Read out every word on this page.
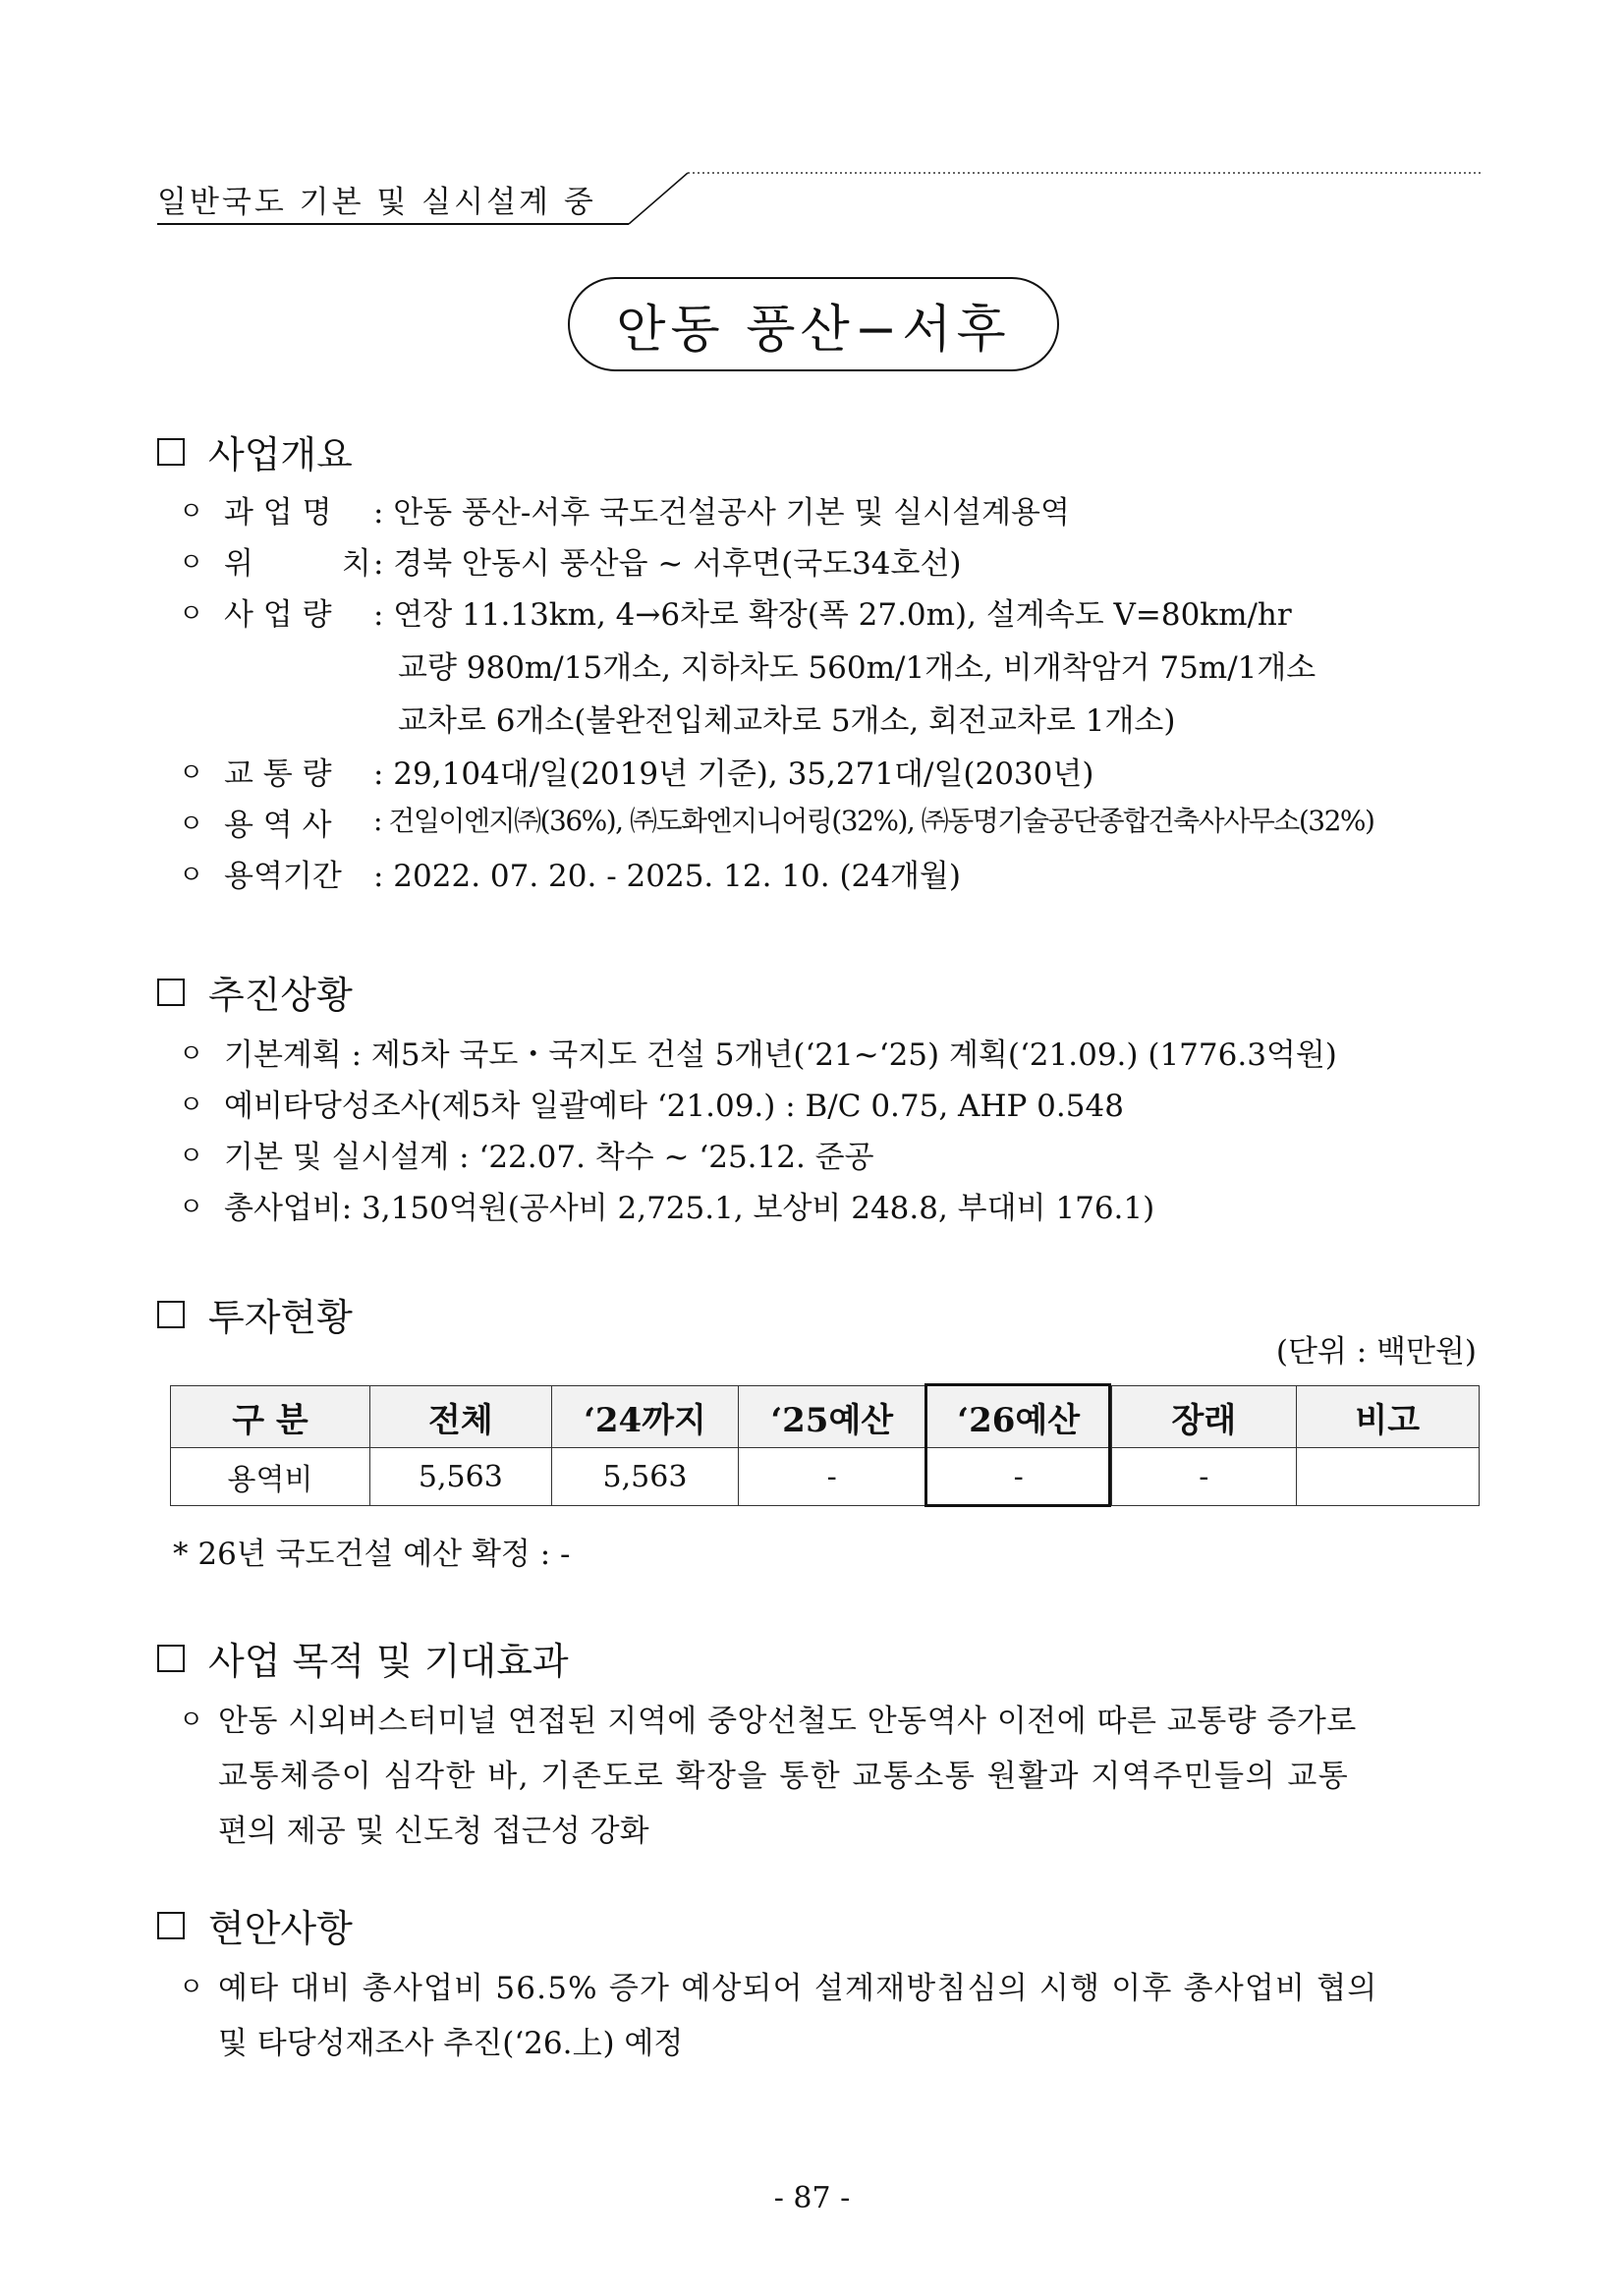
일반국도 기본 및 실시설계 중
안동 풍산−서후
사업개요
ㅇ 과 업 명 : 안동 풍산-서후 국도건설공사 기본 및 실시설계용역
ㅇ 위 치
: 경북 안동시 풍산읍 ~ 서후면(국도34호선)
ㅇ 사 업 량 : 연장 11.13km, 4→6차로 확장(폭 27.0m), 설계속도 V=80km/hr
교량 980m/15개소, 지하차도 560m/1개소, 비개착암거 75m/1개소
교차로 6개소(불완전입체교차로 5개소, 회전교차로 1개소)
ㅇ 교 통 량 : 29,104대/일(2019년 기준), 35,271대/일(2030년)
ㅇ 용 역 사 : 건일이엔지㈜(36%), ㈜도화엔지니어링(32%), ㈜동명기술공단종합건축사사무소(32%)
ㅇ 용역기간 : 2022. 07. 20. - 2025. 12. 10. (24개월)
추진상황
ㅇ 기본계획 : 제5차 국도・국지도 건설 5개년(‘21~‘25) 계획(‘21.09.) (1776.3억원)
ㅇ 예비타당성조사(제5차 일괄예타 ‘21.09.) : B/C 0.75, AHP 0.548
ㅇ 기본 및 실시설계 : ‘22.07. 착수 ~ ‘25.12. 준공
ㅇ 총사업비: 3,150억원(공사비 2,725.1, 보상비 248.8, 부대비 176.1)
투자현황
(단위 : 백만원)
구 분	전체	‘24까지	‘25예산	‘26예산	장래	비고
용역비	5,563	5,563	-	-	-	
* 26년 국도건설 예산 확정 : -
사업 목적 및 기대효과
ㅇ 안동 시외버스터미널 연접된 지역에 중앙선철도 안동역사 이전에 따른 교통량 증가로
교통체증이 심각한 바, 기존도로 확장을 통한 교통소통 원활과 지역주민들의 교통
편의 제공 및 신도청 접근성 강화
현안사항
ㅇ 예타 대비 총사업비 56.5% 증가 예상되어 설계재방침심의 시행 이후 총사업비 협의
및 타당성재조사 추진(‘26.上) 예정
- 87 -
